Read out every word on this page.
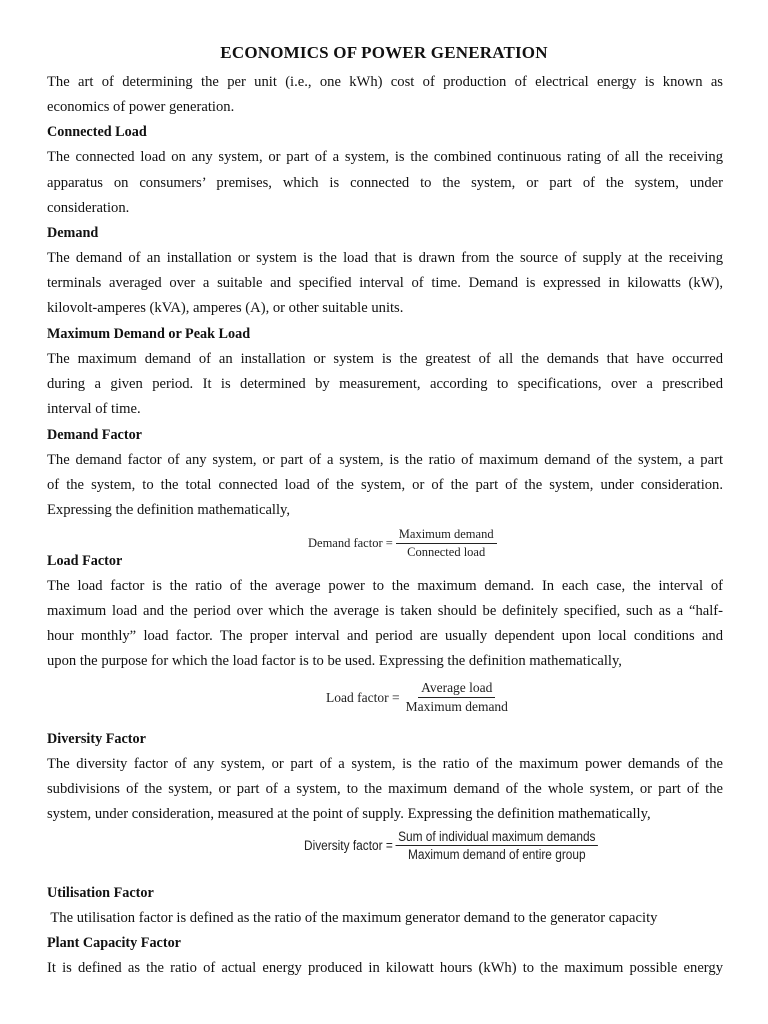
ECONOMICS OF POWER GENERATION
The art of determining the per unit (i.e., one kWh) cost of production of electrical energy is known as
economics of power generation.
Connected Load
The connected load on any system, or part of a system, is the combined continuous rating of all the receiving
apparatus on consumers’ premises, which is connected to the system, or part of the system, under
consideration.
Demand
The demand of an installation or system is the load that is drawn from the source of supply at the receiving
terminals averaged over a suitable and specified interval of time. Demand is expressed in kilowatts (kW),
kilovolt-amperes (kVA), amperes (A), or other suitable units.
Maximum Demand or Peak Load
The maximum demand of an installation or system is the greatest of all the demands that have occurred
during a given period. It is determined by measurement, according to specifications, over a prescribed
interval of time.
Demand Factor
The demand factor of any system, or part of a system, is the ratio of maximum demand of the system, a part
of the system, to the total connected load of the system, or of the part of the system, under consideration.
Expressing the definition mathematically,
Demand factor = $\frac{\text{Maximum demand}}{\text{Connected load}}$
Load Factor
The load factor is the ratio of the average power to the maximum demand. In each case, the interval of
maximum load and the period over which the average is taken should be definitely specified, such as a “half-
hour monthly” load factor. The proper interval and period are usually dependent upon local conditions and
upon the purpose for which the load factor is to be used. Expressing the definition mathematically,
Load factor = $\frac{\text{Average load}}{\text{Maximum demand}}$
Diversity Factor
The diversity factor of any system, or part of a system, is the ratio of the maximum power demands of the
subdivisions of the system, or part of a system, to the maximum demand of the whole system, or part of the
system, under consideration, measured at the point of supply. Expressing the definition mathematically,
Diversity factor = $\frac{\text{Sum of individual maximum demands}}{\text{Maximum demand of entire group}}$
Utilisation Factor
The utilisation factor is defined as the ratio of the maximum generator demand to the generator capacity
Plant Capacity Factor
It is defined as the ratio of actual energy produced in kilowatt hours (kWh) to the maximum possible energy
